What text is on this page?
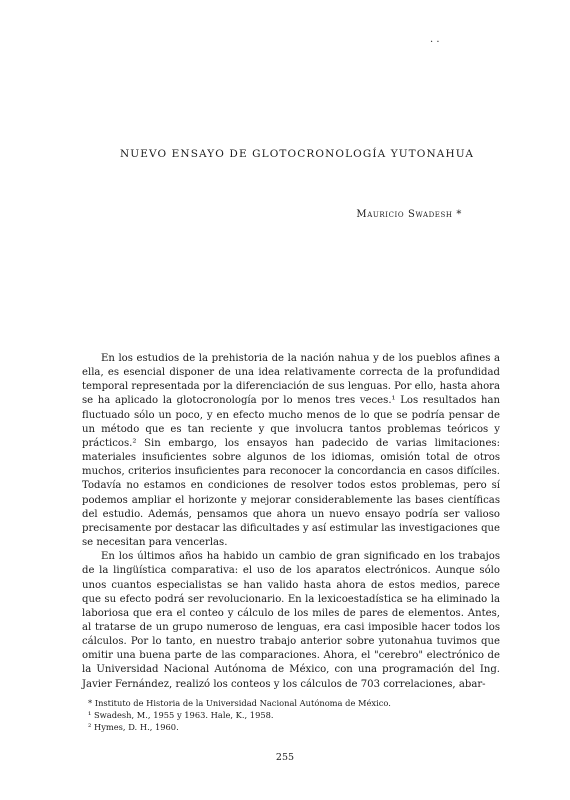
· ·
NUEVO ENSAYO DE GLOTOCRONOLOGÍA YUTONAHUA
Mauricio Swadesh *

En los estudios de la prehistoria de la nación nahua y de los pueblos afines a ella, es esencial disponer de una idea relativamente correcta de la profundidad temporal representada por la diferenciación de sus lenguas. Por ello, hasta ahora se ha aplicado la glotocronología por lo menos tres veces.¹ Los resultados han fluctuado sólo un poco, y en efecto mucho menos de lo que se podría pensar de un método que es tan reciente y que involucra tantos problemas teóricos y prácticos.² Sin embargo, los ensayos han padecido de varias limitaciones: materiales insuficientes sobre algunos de los idiomas, omisión total de otros muchos, criterios insuficientes para reconocer la concordancia en casos difíciles. Todavía no estamos en condiciones de resolver todos estos problemas, pero sí podemos ampliar el horizonte y mejorar considerablemente las bases científicas del estudio. Además, pensamos que ahora un nuevo ensayo podría ser valioso precisamente por destacar las dificultades y así estimular las investigaciones que se necesitan para vencerlas.

En los últimos años ha habido un cambio de gran significado en los trabajos de la lingüística comparativa: el uso de los aparatos electrónicos. Aunque sólo unos cuantos especialistas se han valido hasta ahora de estos medios, parece que su efecto podrá ser revolucionario. En la lexicoestadística se ha eliminado la laboriosa que era el conteo y cálculo de los miles de pares de elementos. Antes, al tratarse de un grupo numeroso de lenguas, era casi imposible hacer todos los cálculos. Por lo tanto, en nuestro trabajo anterior sobre yutonahua tuvimos que omitir una buena parte de las comparaciones. Ahora, el "cerebro" electrónico de la Universidad Nacional Autónoma de México, con una programación del Ing. Javier Fernández, realizó los conteos y los cálculos de 703 correlaciones, abar-

* Instituto de Historia de la Universidad Nacional Autónoma de México.
¹ Swadesh, M., 1955 y 1963. Hale, K., 1958.
² Hymes, D. H., 1960.
255
